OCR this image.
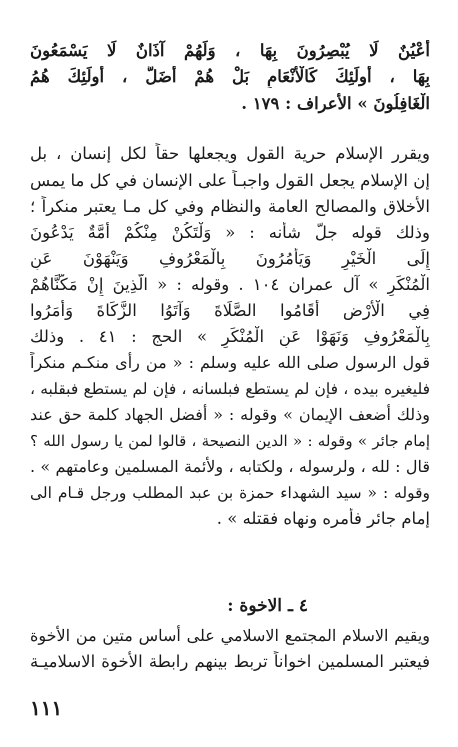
أَعْيُنٌ لَا يُبْصِرُونَ بِهَا ، وَلَهُمْ آذَانٌ لَا يَسْمَعُونَ
بِهَا ، أُولَئِكَ كَالْأَنْعَامِ بَلْ هُمْ أَضَلُّ ، أُولَئِكَ هُمُ
الْغَافِلُونَ » الأعراف : ١٧٩ .
ويقرر الإسلام حرية القول ويجعلها حقاً لكل إنسان ، بل
إن الإسلام يجعل القول واجبـاً على الإنسان في كل ما يمس
الأخلاق والمصالح العامة والنظام وفي كل مـا يعتبر منكراً ؛
وذلك قوله جلّ شأنه : « وَلْتَكُنْ مِنْكُمْ أُمَّةٌ يَدْعُونَ
إِلَى الْخَيْرِ وَيَأْمُرُونَ بِالْمَعْرُوفِ وَيَنْهَوْنَ عَنِ
الْمُنْكَرِ » آل عمران ١٠٤ . وقوله : « الَّذِينَ إِنْ مَكَّنَّاهُمْ
فِي الْأَرْضِ أَقَامُوا الصَّلَاةَ وَآتَوُا الزَّكَاةَ وَأَمَرُوا
بِالْمَعْرُوفِ وَنَهَوْا عَنِ الْمُنْكَرِ » الحج : ٤١ . وذلك
قول الرسول صلى الله عليه وسلم : « من رأى منكـم منكراً
فليغيره بيده ، فإن لم يستطع فبلسانه ، فإن لم يستطع فبقلبه ،
وذلك أضعف الإيمان » وقوله : « أفضل الجهاد كلمة حق عند
إمام جائر » وقوله : « الدين النصيحة ، قالوا لمن يا رسول الله ؟
قال : لله ، ولرسوله ، ولكتابه ، ولأئمة المسلمين وعامتهم » .
وقوله : « سيد الشهداء حمزة بن عبد المطلب ورجل قـام الى
إمام جائر فأمره ونهاه فقتله » .
٤ ـ الاخوة :
ويقيم الاسلام المجتمع الاسلامي على أساس متين من الأخوة
فيعتبر المسلمين اخواناً تربط بينهم رابطة الأخوة الاسلاميـة
١١١
